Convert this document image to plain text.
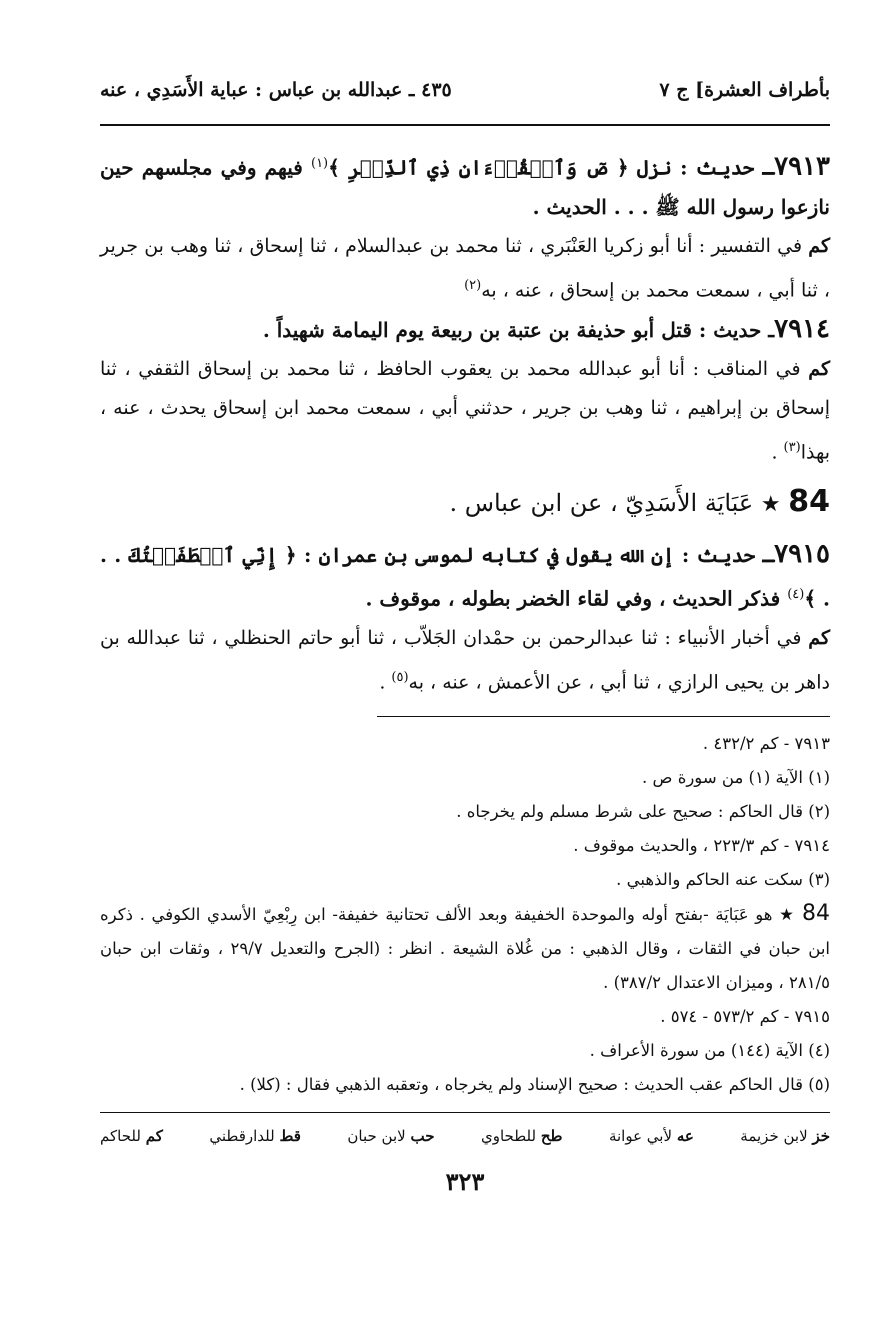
بأطراف العشرة] ج ٧
٤٣٥ ـ عبدالله بن عباس : عباية الأَسَدِي ، عنه

٧٩١٣ـ حديث : نزل ﴿ صٓ وَٱلۡقُرۡءَانِ ذِي ٱلذِّكۡرِ ﴾$^{(١)}$ فيهم وفي مجلسهم حين نازعوا رسول الله ﷺ . . . الحديث .

كم في التفسير : أنا أبو زكريا العَنْبَري ، ثنا محمد بن عبدالسلام ، ثنا إسحاق ، ثنا وهب بن جرير ، ثنا أبي ، سمعت محمد بن إسحاق ، عنه ، به$^{(٢)}$

٧٩١٤ـ حديث : قتل أبو حذيفة بن عتبة بن ربيعة يوم اليمامة شهيداً .

كم في المناقب : أنا أبو عبدالله محمد بن يعقوب الحافظ ، ثنا محمد بن إسحاق الثقفي ، ثنا إسحاق بن إبراهيم ، ثنا وهب بن جرير ، حدثني أبي ، سمعت محمد ابن إسحاق يحدث ، عنه ، بهذا$^{(٣)}$ .

84 ★ عَبَايَة الأَسَدِيّ ، عن ابن عباس .

٧٩١٥ـ حديث : إن الله يقول في كتابه لموسى بن عمران : ﴿ إِنِّي ٱصۡطَفَيۡتُكَ . . . ﴾$^{(٤)}$ فذكر الحديث ، وفي لقاء الخضر بطوله ، موقوف .

كم في أخبار الأنبياء : ثنا عبدالرحمن بن حمْدان الجَلاّب ، ثنا أبو حاتم الحنظلي ، ثنا عبدالله بن داهر بن يحيى الرازي ، ثنا أبي ، عن الأعمش ، عنه ، به$^{(٥)}$ .

٧٩١٣ - كم ٤٣٢/٢ .

(١) الآية (١) من سورة ص .

(٢) قال الحاكم : صحيح على شرط مسلم ولم يخرجاه .

٧٩١٤ - كم ٢٢٣/٣ ، والحديث موقوف .

(٣) سكت عنه الحاكم والذهبي .

84 ★ هو عَبَايَة -بفتح أوله والموحدة الخفيفة وبعد الألف تحتانية خفيفة- ابن رِبْعِيّ الأسدي الكوفي . ذكره ابن حبان في الثقات ، وقال الذهبي : من غُلاة الشيعة . انظر : (الجرح والتعديل ٢٩/٧ ، وثقات ابن حبان ٢٨١/٥ ، وميزان الاعتدال ٣٨٧/٢) .

٧٩١٥ - كم ٥٧٣/٢ - ٥٧٤ .

(٤) الآية (١٤٤) من سورة الأعراف .

(٥) قال الحاكم عقب الحديث : صحيح الإسناد ولم يخرجاه ، وتعقبه الذهبي فقال : (كلا) .

خز لابن خزيمة
عه لأبي عوانة
طح للطحاوي
حب لابن حبان
قط للدارقطني
كم للحاكم
٣٢٣
